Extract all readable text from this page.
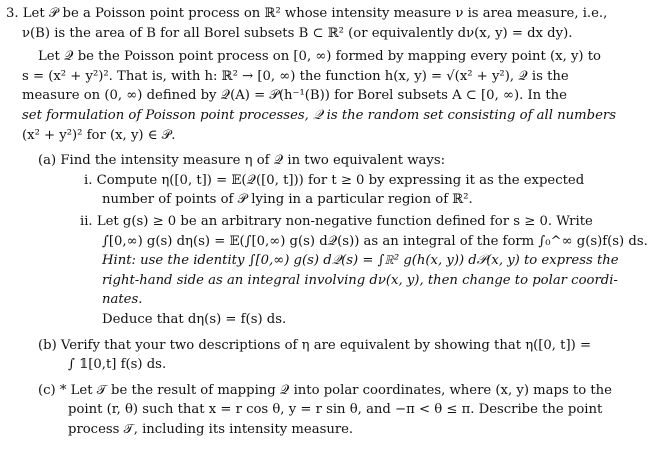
3. Let 𝒫 be a Poisson point process on ℝ² whose intensity measure ν is area measure, i.e.,
ν(B) is the area of B for all Borel subsets B ⊂ ℝ² (or equivalently dν(x, y) = dx dy).
Let 𝒬 be the Poisson point process on [0, ∞) formed by mapping every point (x, y) to
s = (x² + y²)². That is, with h: ℝ² → [0, ∞) the function h(x, y) = √(x² + y²), 𝒬 is the
measure on (0, ∞) defined by 𝒬(A) = 𝒫(h⁻¹(B)) for Borel subsets A ⊂ [0, ∞). In the
set formulation of Poisson point processes, 𝒬 is the random set consisting of all numbers
(x² + y²)² for (x, y) ∈ 𝒫.
(a) Find the intensity measure η of 𝒬 in two equivalent ways:
i. Compute η([0, t]) = 𝔼(𝒬([0, t])) for t ≥ 0 by expressing it as the expected
number of points of 𝒫 lying in a particular region of ℝ².
ii. Let g(s) ≥ 0 be an arbitrary non-negative function defined for s ≥ 0. Write
∫[0,∞) g(s) dη(s) = 𝔼(∫[0,∞) g(s) d𝒬(s)) as an integral of the form ∫₀^∞ g(s)f(s) ds.
Hint: use the identity ∫[0,∞) g(s) d𝒬(s) = ∫ℝ² g(h(x, y)) d𝒫(x, y) to express the
right-hand side as an integral involving dν(x, y), then change to polar coordi-
nates.
Deduce that dη(s) = f(s) ds.
(b) Verify that your two descriptions of η are equivalent by showing that η([0, t]) =
∫ 𝟙[0,t] f(s) ds.
(c) * Let 𝒯 be the result of mapping 𝒬 into polar coordinates, where (x, y) maps to the
point (r, θ) such that x = r cos θ, y = r sin θ, and −π < θ ≤ π. Describe the point
process 𝒯, including its intensity measure.
